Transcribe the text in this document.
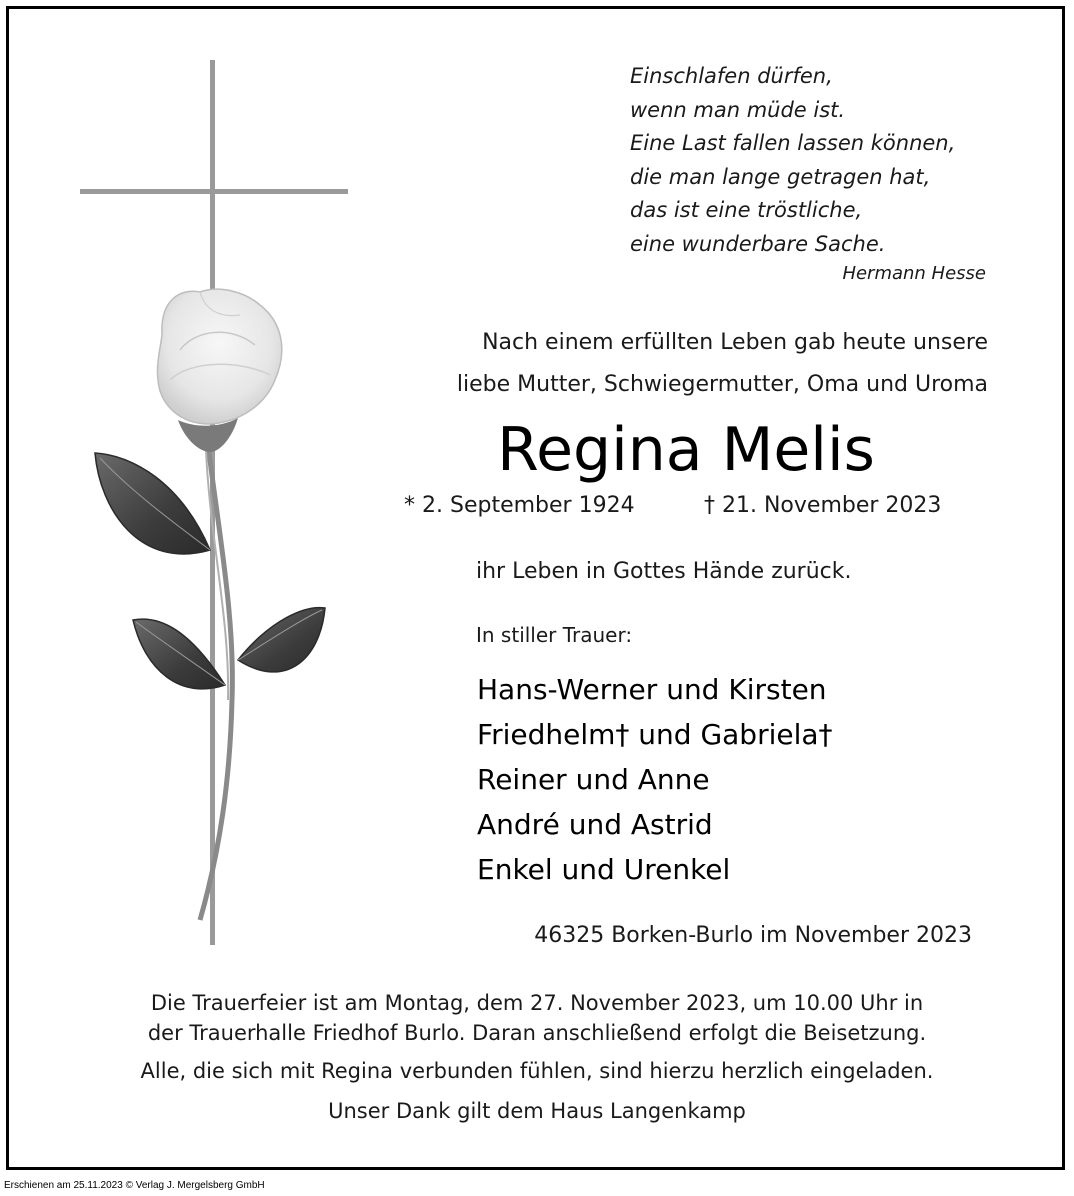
Einschlafen dürfen,
wenn man müde ist.
Eine Last fallen lassen können,
die man lange getragen hat,
das ist eine tröstliche,
eine wunderbare Sache.
Hermann Hesse
Nach einem erfüllten Leben gab heute unsere
liebe Mutter, Schwiegermutter, Oma und Uroma
Regina Melis
* 2. September 1924	† 21. November 2023
ihr Leben in Gottes Hände zurück.
In stiller Trauer:
Hans-Werner und Kirsten
Friedhelm† und Gabriela†
Reiner und Anne
André und Astrid
Enkel und Urenkel
46325 Borken-Burlo im November 2023
Die Trauerfeier ist am Montag, dem 27. November 2023, um 10.00 Uhr in
der Trauerhalle Friedhof Burlo. Daran anschließend erfolgt die Beisetzung.
Alle, die sich mit Regina verbunden fühlen, sind hierzu herzlich eingeladen.
Unser Dank gilt dem Haus Langenkamp
Erschienen am 25.11.2023 © Verlag J. Mergelsberg GmbH
